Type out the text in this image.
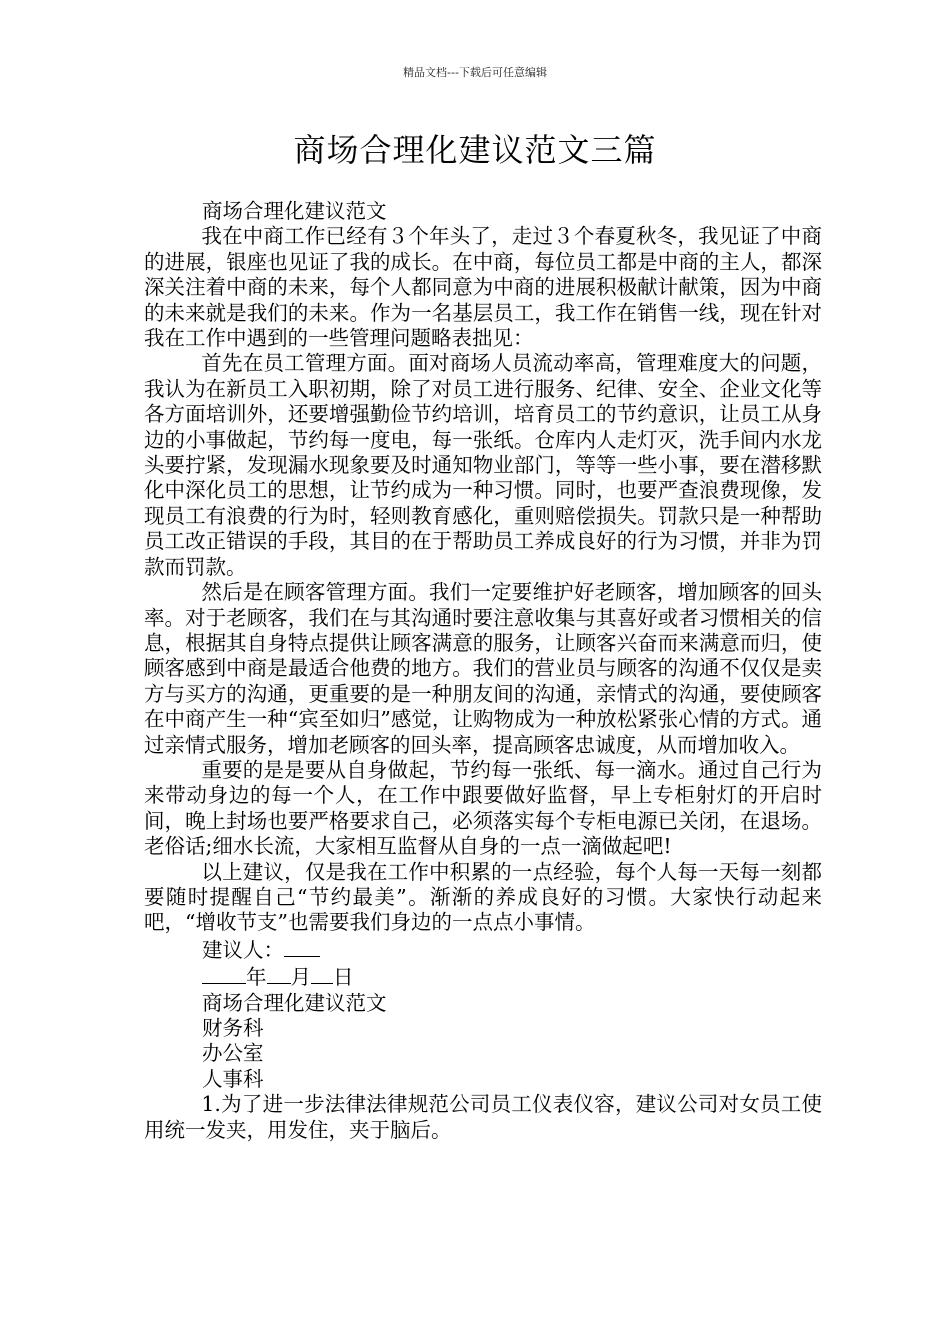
精品文档---下载后可任意编辑
商场合理化建议范文三篇

商场合理化建议范文

我在中商工作已经有３个年头了，走过３个春夏秋冬，我见证了中商的进展，银座也见证了我的成长。在中商，每位员工都是中商的主人，都深深关注着中商的未来，每个人都同意为中商的进展积极献计献策，因为中商的未来就是我们的未来。作为一名基层员工，我工作在销售一线，现在针对我在工作中遇到的一些管理问题略表拙见：

首先在员工管理方面。面对商场人员流动率高，管理难度大的问题，我认为在新员工入职初期，除了对员工进行服务、纪律、安全、企业文化等各方面培训外，还要增强勤俭节约培训，培育员工的节约意识，让员工从身边的小事做起，节约每一度电，每一张纸。仓库内人走灯灭，洗手间内水龙头要拧紧，发现漏水现象要及时通知物业部门，等等一些小事，要在潜移默化中深化员工的思想，让节约成为一种习惯。同时，也要严查浪费现像，发现员工有浪费的行为时，轻则教育感化，重则赔偿损失。罚款只是一种帮助员工改正错误的手段，其目的在于帮助员工养成良好的行为习惯，并非为罚款而罚款。

然后是在顾客管理方面。我们一定要维护好老顾客，增加顾客的回头率。对于老顾客，我们在与其沟通时要注意收集与其喜好或者习惯相关的信息，根据其自身特点提供让顾客满意的服务，让顾客兴奋而来满意而归，使顾客感到中商是最适合他费的地方。我们的营业员与顾客的沟通不仅仅是卖方与买方的沟通，更重要的是一种朋友间的沟通，亲情式的沟通，要使顾客在中商产生一种“宾至如归”感觉，让购物成为一种放松紧张心情的方式。通过亲情式服务，增加老顾客的回头率，提高顾客忠诚度，从而增加收入。

重要的是是要从自身做起，节约每一张纸、每一滴水。通过自己行为来带动身边的每一个人，在工作中跟要做好监督，早上专柜射灯的开启时间，晚上封场也要严格要求自己，必须落实每个专柜电源已关闭，在退场。老俗话;细水长流，大家相互监督从自身的一点一滴做起吧!

以上建议，仅是我在工作中积累的一点经验，每个人每一天每一刻都要随时提醒自己“节约最美”。渐渐的养成良好的习惯。大家快行动起来吧，“增收节支”也需要我们身边的一点点小事情。

建议人：

年 月 日

商场合理化建议范文

财务科

办公室

人事科

1.为了进一步法律法律规范公司员工仪表仪容，建议公司对女员工使用统一发夹，用发住，夹于脑后。
